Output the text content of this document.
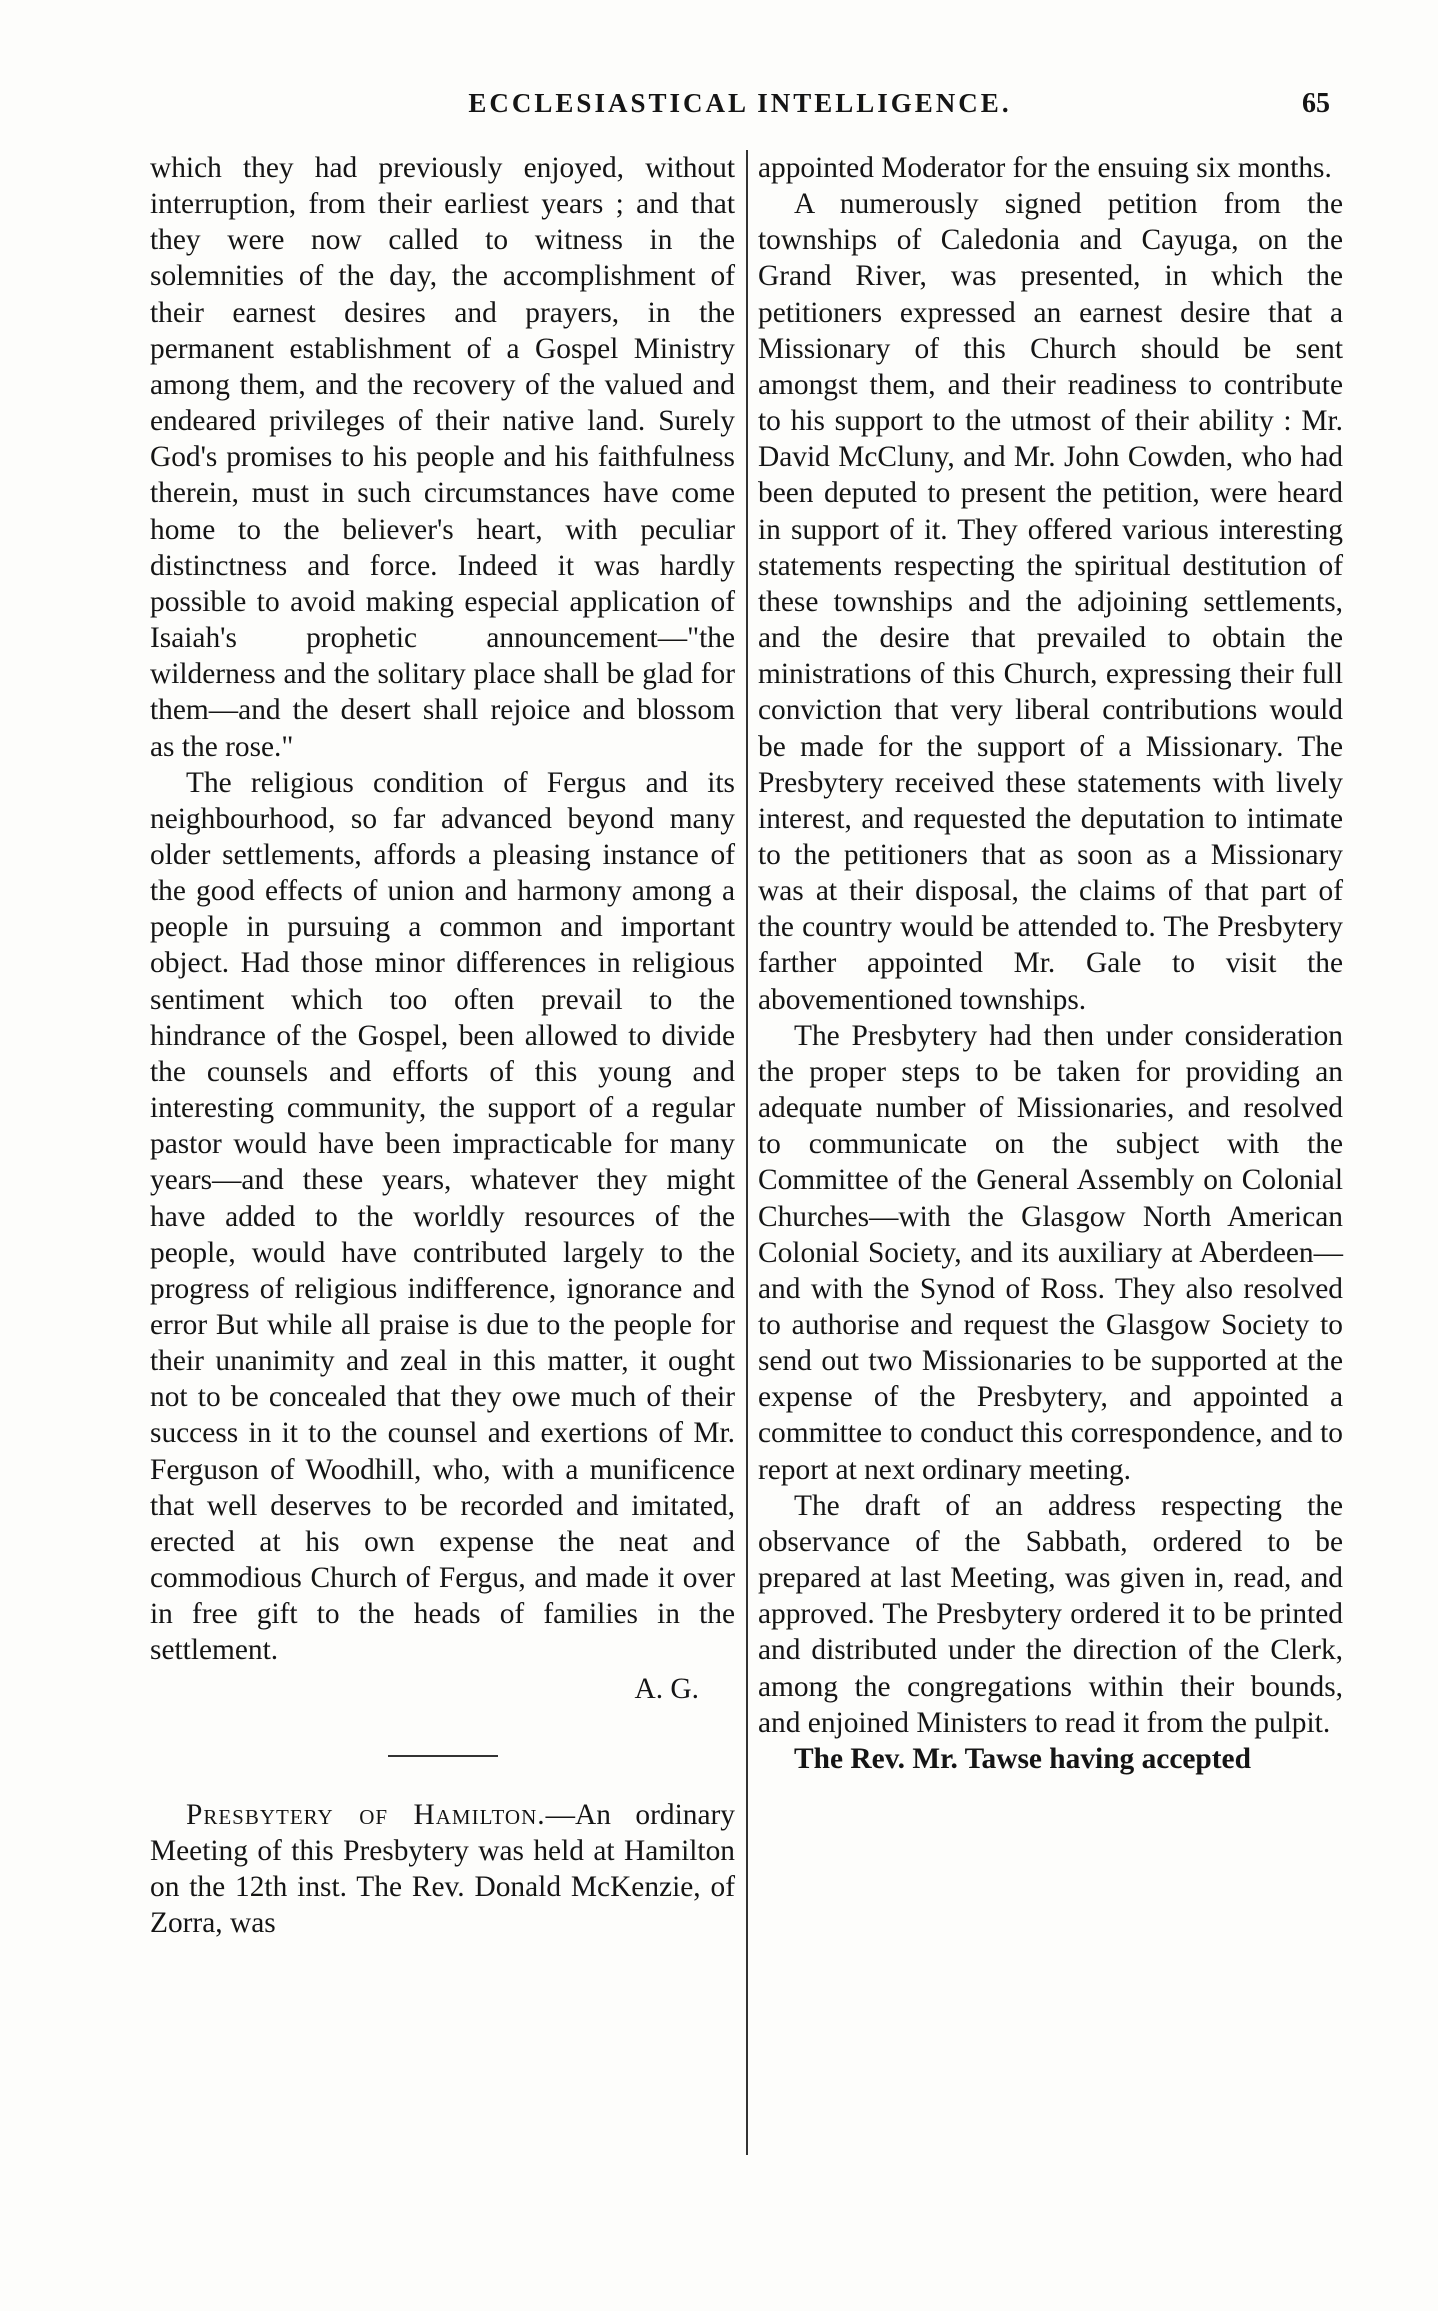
ECCLESIASTICAL INTELLIGENCE.	65

which they had previously enjoyed, without interruption, from their earliest years ; and that they were now called to witness in the solemnities of the day, the accomplishment of their earnest desires and prayers, in the permanent establishment of a Gospel Ministry among them, and the recovery of the valued and endeared privileges of their native land. Surely God's promises to his people and his faithfulness therein, must in such circumstances have come home to the believer's heart, with peculiar distinctness and force. Indeed it was hardly possible to avoid making especial application of Isaiah's prophetic announcement—"the wilderness and the solitary place shall be glad for them—and the desert shall rejoice and blossom as the rose."

The religious condition of Fergus and its neighbourhood, so far advanced beyond many older settlements, affords a pleasing instance of the good effects of union and harmony among a people in pursuing a common and important object. Had those minor differences in religious sentiment which too often prevail to the hindrance of the Gospel, been allowed to divide the counsels and efforts of this young and interesting community, the support of a regular pastor would have been impracticable for many years—and these years, whatever they might have added to the worldly resources of the people, would have contributed largely to the progress of religious indifference, ignorance and error But while all praise is due to the people for their unanimity and zeal in this matter, it ought not to be concealed that they owe much of their success in it to the counsel and exertions of Mr. Ferguson of Woodhill, who, with a munificence that well deserves to be recorded and imitated, erected at his own expense the neat and commodious Church of Fergus, and made it over in free gift to the heads of families in the settlement.

A. G.

Presbytery of Hamilton.—An ordinary Meeting of this Presbytery was held at Hamilton on the 12th inst. The Rev. Donald McKenzie, of Zorra, was

appointed Moderator for the ensuing six months.

A numerously signed petition from the townships of Caledonia and Cayuga, on the Grand River, was presented, in which the petitioners expressed an earnest desire that a Missionary of this Church should be sent amongst them, and their readiness to contribute to his support to the utmost of their ability : Mr. David McCluny, and Mr. John Cowden, who had been deputed to present the petition, were heard in support of it. They offered various interesting statements respecting the spiritual destitution of these townships and the adjoining settlements, and the desire that prevailed to obtain the ministrations of this Church, expressing their full conviction that very liberal contributions would be made for the support of a Missionary. The Presbytery received these statements with lively interest, and requested the deputation to intimate to the petitioners that as soon as a Missionary was at their disposal, the claims of that part of the country would be attended to. The Presbytery farther appointed Mr. Gale to visit the abovementioned townships.

The Presbytery had then under consideration the proper steps to be taken for providing an adequate number of Missionaries, and resolved to communicate on the subject with the Committee of the General Assembly on Colonial Churches—with the Glasgow North American Colonial Society, and its auxiliary at Aberdeen—and with the Synod of Ross. They also resolved to authorise and request the Glasgow Society to send out two Missionaries to be supported at the expense of the Presbytery, and appointed a committee to conduct this correspondence, and to report at next ordinary meeting.

The draft of an address respecting the observance of the Sabbath, ordered to be prepared at last Meeting, was given in, read, and approved. The Presbytery ordered it to be printed and distributed under the direction of the Clerk, among the congregations within their bounds, and enjoined Ministers to read it from the pulpit.

The Rev. Mr. Tawse having accepted
